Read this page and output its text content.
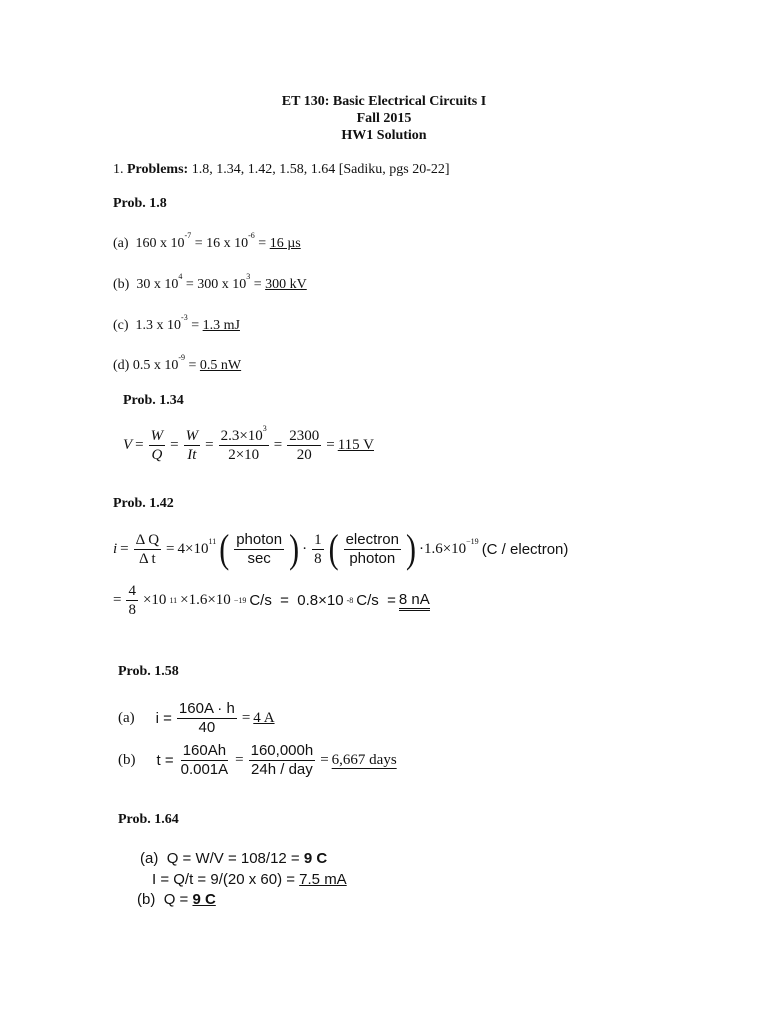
ET 130: Basic Electrical Circuits I
Fall 2015
HW1 Solution
1. Problems: 1.8, 1.34, 1.42, 1.58, 1.64 [Sadiku, pgs 20-22]
Prob. 1.8
(a) 160 x $10^{-7} = 16$ x $10^{-6} = 16$ µs
(b) 30 x $10^4 = 300$ x $10^3 = 300$ kV
(c) 1.3 x $10^{-3} = 1.3$ mJ
(d) 0.5 x $10^{-9} = 0.5$ nW
Prob. 1.34
$V = \frac{W}{Q} = \frac{W}{It} = \frac{2.3\times 10^3}{2\times 10} = \frac{2300}{20} = 115$ V
Prob. 1.42
$i = \frac{\text{Δ Q}}{\text{Δ t}} = 4\times 10^{11}$ ( $\frac{\text{photon}}{\sec}$ ) · $\frac{1}{8}$ ( $\frac{\text{electron}}{\text{photon}}$ ) $\cdot 1.6\times 10^{-19}$ (C / electron)
= $\frac{4}{8} \times 10$ 11 ×1.6×10 −19 C/s  =  0.8×10 -8 C/s  = 8 nA
Prob. 1.58
(a) $i = \frac{160A \cdot h}{40} = 4$ A
(b) $t = \frac{160Ah}{0.001A} = \frac{160,000h}{\text{24h / day}} = 6,667$ days
Prob. 1.64
(a) Q = W/V = 108/12 = 9 C
I = Q/t = 9/(20 x 60) = 7.5 mA
(b) Q = 9 C
